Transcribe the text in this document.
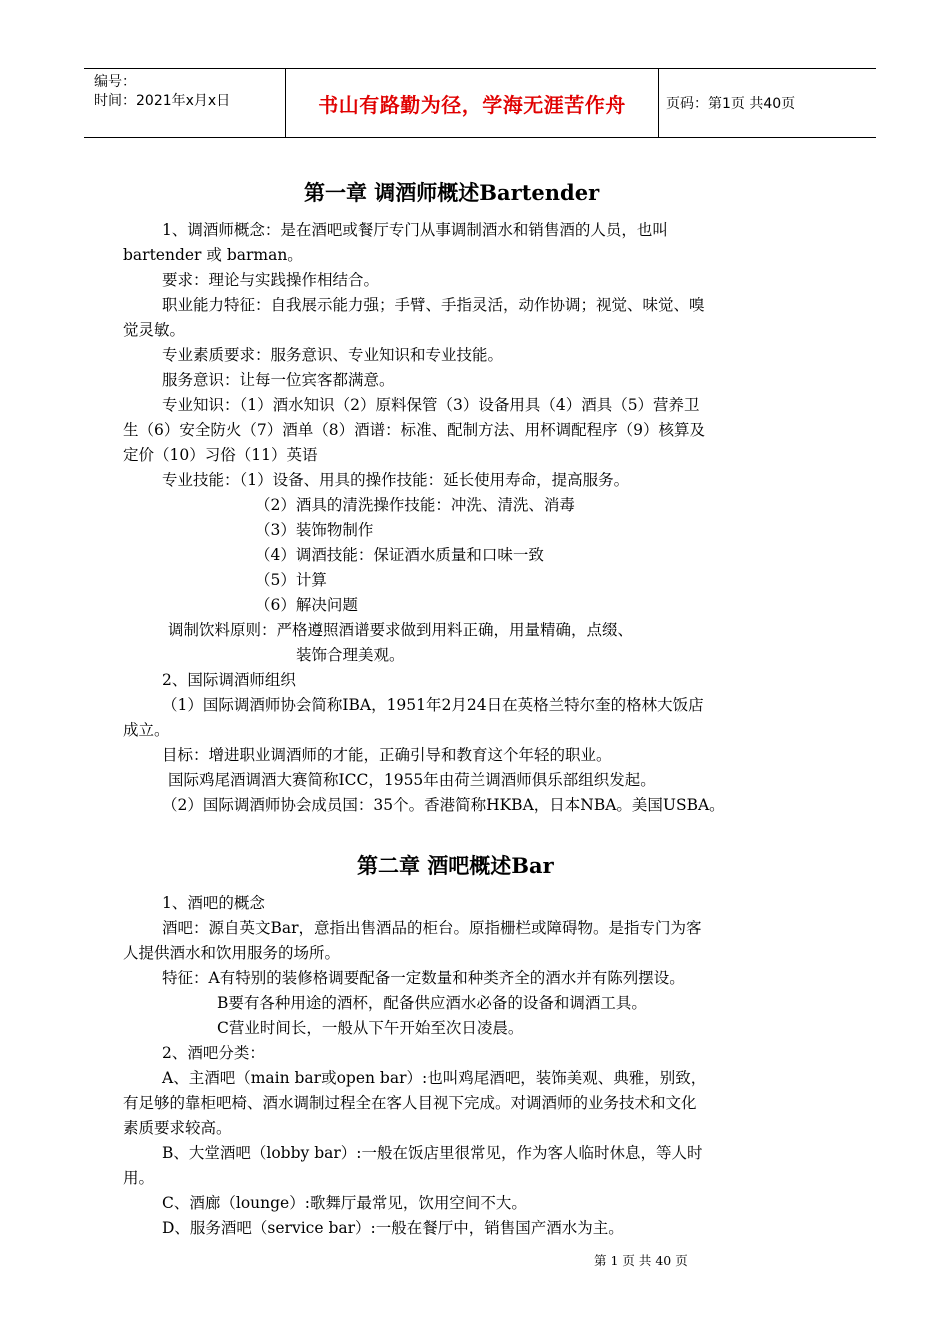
编号：
时间：2021年x月x日	书山有路勤为径，学海无涯苦作舟	页码：第1页 共40页
第一章 调酒师概述Bartender
1、调酒师概念：是在酒吧或餐厅专门从事调制酒水和销售酒的人员，也叫
bartender 或 barman。
要求：理论与实践操作相结合。
职业能力特征：自我展示能力强；手臂、手指灵活，动作协调；视觉、味觉、嗅
觉灵敏。
专业素质要求：服务意识、专业知识和专业技能。
服务意识：让每一位宾客都满意。
专业知识：（1）酒水知识（2）原料保管（3）设备用具（4）酒具（5）营养卫
生（6）安全防火（7）酒单（8）酒谱：标准、配制方法、用杯调配程序（9）核算及
定价（10）习俗（11）英语
专业技能：（1）设备、用具的操作技能：延长使用寿命，提高服务。
（2）酒具的清洗操作技能：冲洗、清洗、消毒
（3）装饰物制作
（4）调酒技能：保证酒水质量和口味一致
（5）计算
（6）解决问题
调制饮料原则：严格遵照酒谱要求做到用料正确，用量精确，点缀、
装饰合理美观。
2、国际调酒师组织
（1）国际调酒师协会简称IBA，1951年2月24日在英格兰特尔奎的格林大饭店
成立。
目标：增进职业调酒师的才能，正确引导和教育这个年轻的职业。
国际鸡尾酒调酒大赛简称ICC，1955年由荷兰调酒师俱乐部组织发起。
（2）国际调酒师协会成员国：35个。香港简称HKBA，日本NBA。美国USBA。
第二章 酒吧概述Bar
1、酒吧的概念
酒吧：源自英文Bar，意指出售酒品的柜台。原指栅栏或障碍物。是指专门为客
人提供酒水和饮用服务的场所。
特征：A有特别的装修格调要配备一定数量和种类齐全的酒水并有陈列摆设。
B要有各种用途的酒杯，配备供应酒水必备的设备和调酒工具。
C营业时间长，一般从下午开始至次日凌晨。
2、酒吧分类：
A、主酒吧（main bar或open bar）:也叫鸡尾酒吧，装饰美观、典雅，别致，
有足够的靠柜吧椅、酒水调制过程全在客人目视下完成。对调酒师的业务技术和文化
素质要求较高。
B、大堂酒吧（lobby bar）:一般在饭店里很常见，作为客人临时休息，等人时
用。
C、酒廊（lounge）:歌舞厅最常见，饮用空间不大。
D、服务酒吧（service bar）:一般在餐厅中，销售国产酒水为主。
第 1 页 共 40 页
